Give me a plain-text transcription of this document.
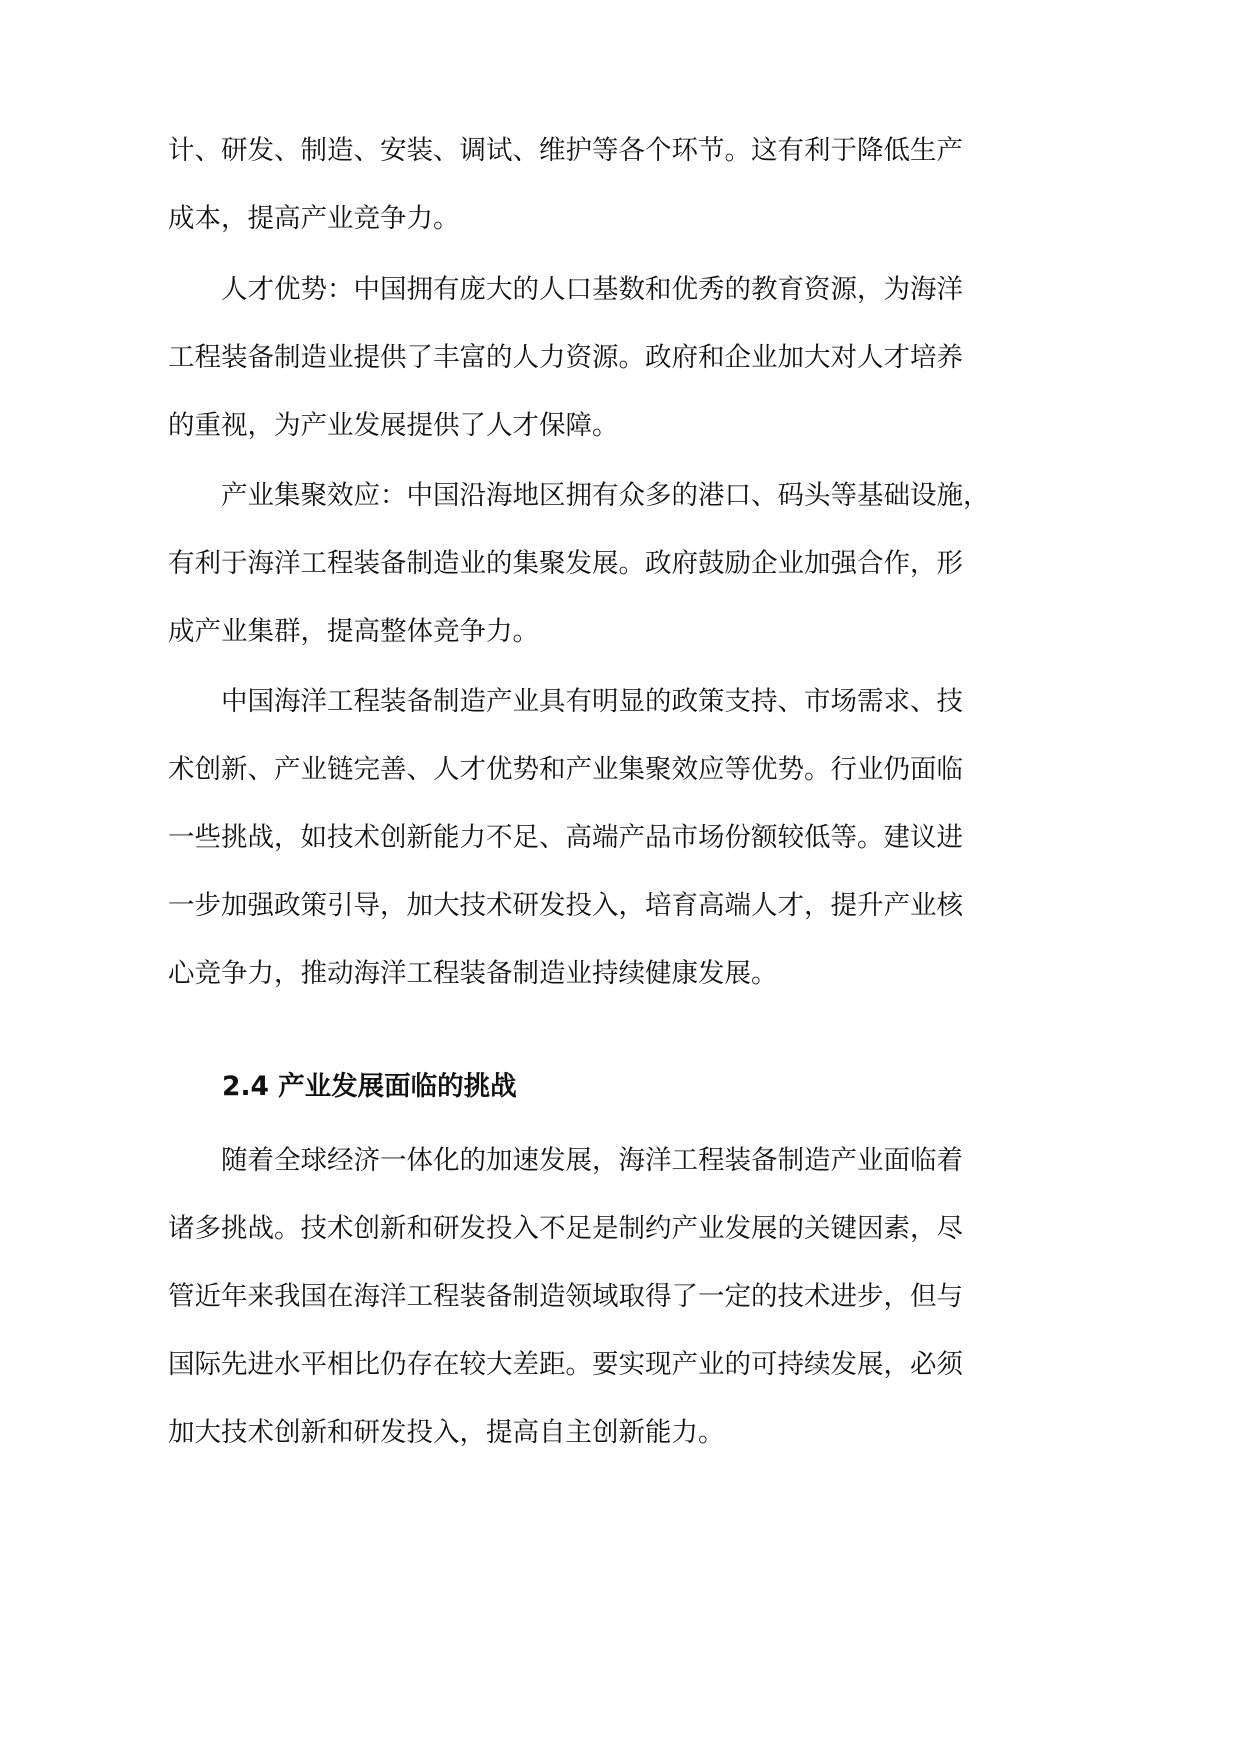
计、研发、制造、安装、调试、维护等各个环节。这有利于降低生产
成本，提高产业竞争力。
　　人才优势：中国拥有庞大的人口基数和优秀的教育资源，为海洋
工程装备制造业提供了丰富的人力资源。政府和企业加大对人才培养
的重视，为产业发展提供了人才保障。
　　产业集聚效应：中国沿海地区拥有众多的港口、码头等基础设施，
有利于海洋工程装备制造业的集聚发展。政府鼓励企业加强合作，形
成产业集群，提高整体竞争力。
　　中国海洋工程装备制造产业具有明显的政策支持、市场需求、技
术创新、产业链完善、人才优势和产业集聚效应等优势。行业仍面临
一些挑战，如技术创新能力不足、高端产品市场份额较低等。建议进
一步加强政策引导，加大技术研发投入，培育高端人才，提升产业核
心竞争力，推动海洋工程装备制造业持续健康发展。
2.4 产业发展面临的挑战
　　随着全球经济一体化的加速发展，海洋工程装备制造产业面临着
诸多挑战。技术创新和研发投入不足是制约产业发展的关键因素，尽
管近年来我国在海洋工程装备制造领域取得了一定的技术进步，但与
国际先进水平相比仍存在较大差距。要实现产业的可持续发展，必须
加大技术创新和研发投入，提高自主创新能力。
